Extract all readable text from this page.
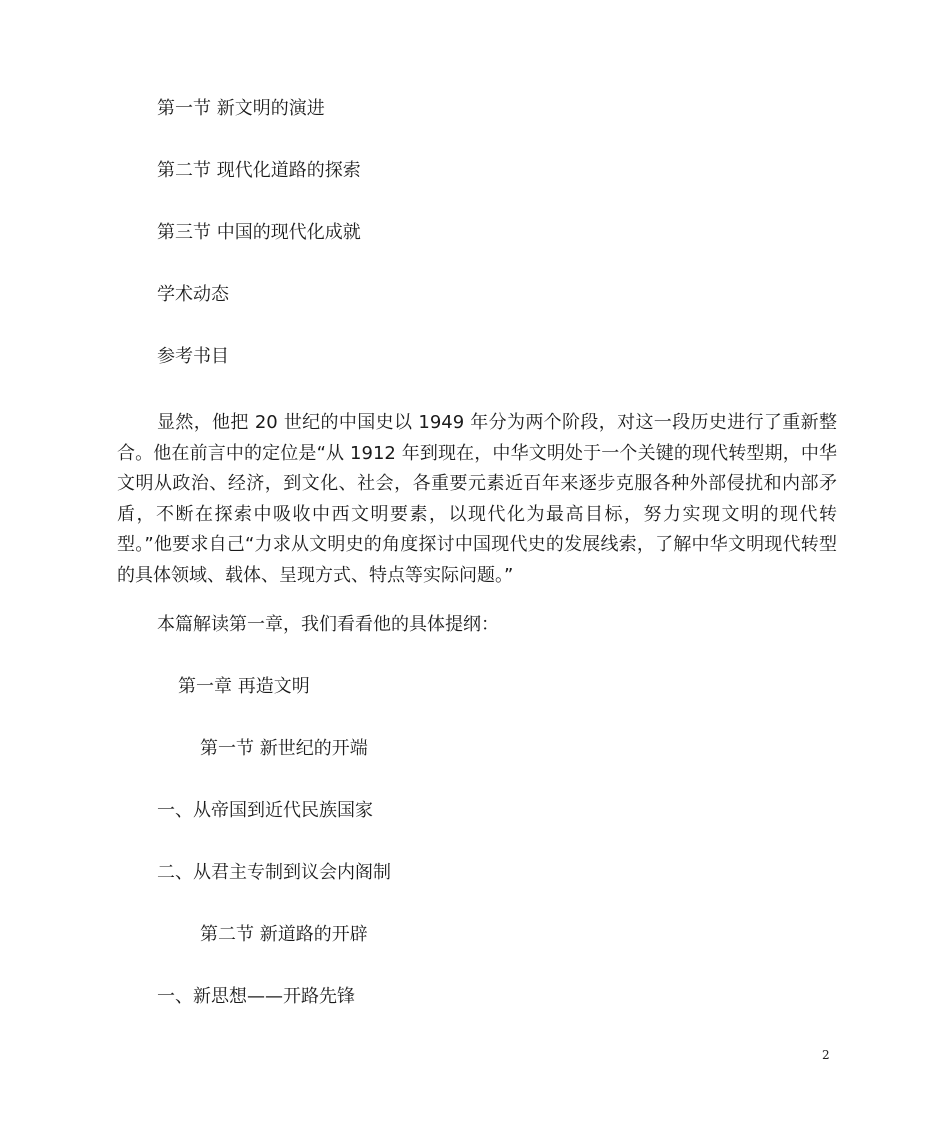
第一节 新文明的演进
第二节 现代化道路的探索
第三节 中国的现代化成就
学术动态
参考书目

显然，他把 20 世纪的中国史以 1949 年分为两个阶段，对这一段历史进行了重新整合。他在前言中的定位是“从 1912 年到现在，中华文明处于一个关键的现代转型期，中华文明从政治、经济，到文化、社会，各重要元素近百年来逐步克服各种外部侵扰和内部矛盾，不断在探索中吸收中西文明要素，以现代化为最高目标，努力实现文明的现代转型。”他要求自己“力求从文明史的角度探讨中国现代史的发展线索，了解中华文明现代转型的具体领域、载体、呈现方式、特点等实际问题。”

本篇解读第一章，我们看看他的具体提纲：
第一章 再造文明
第一节 新世纪的开端
一、从帝国到近代民族国家
二、从君主专制到议会内阁制
第二节 新道路的开辟
一、新思想——开路先锋
2
